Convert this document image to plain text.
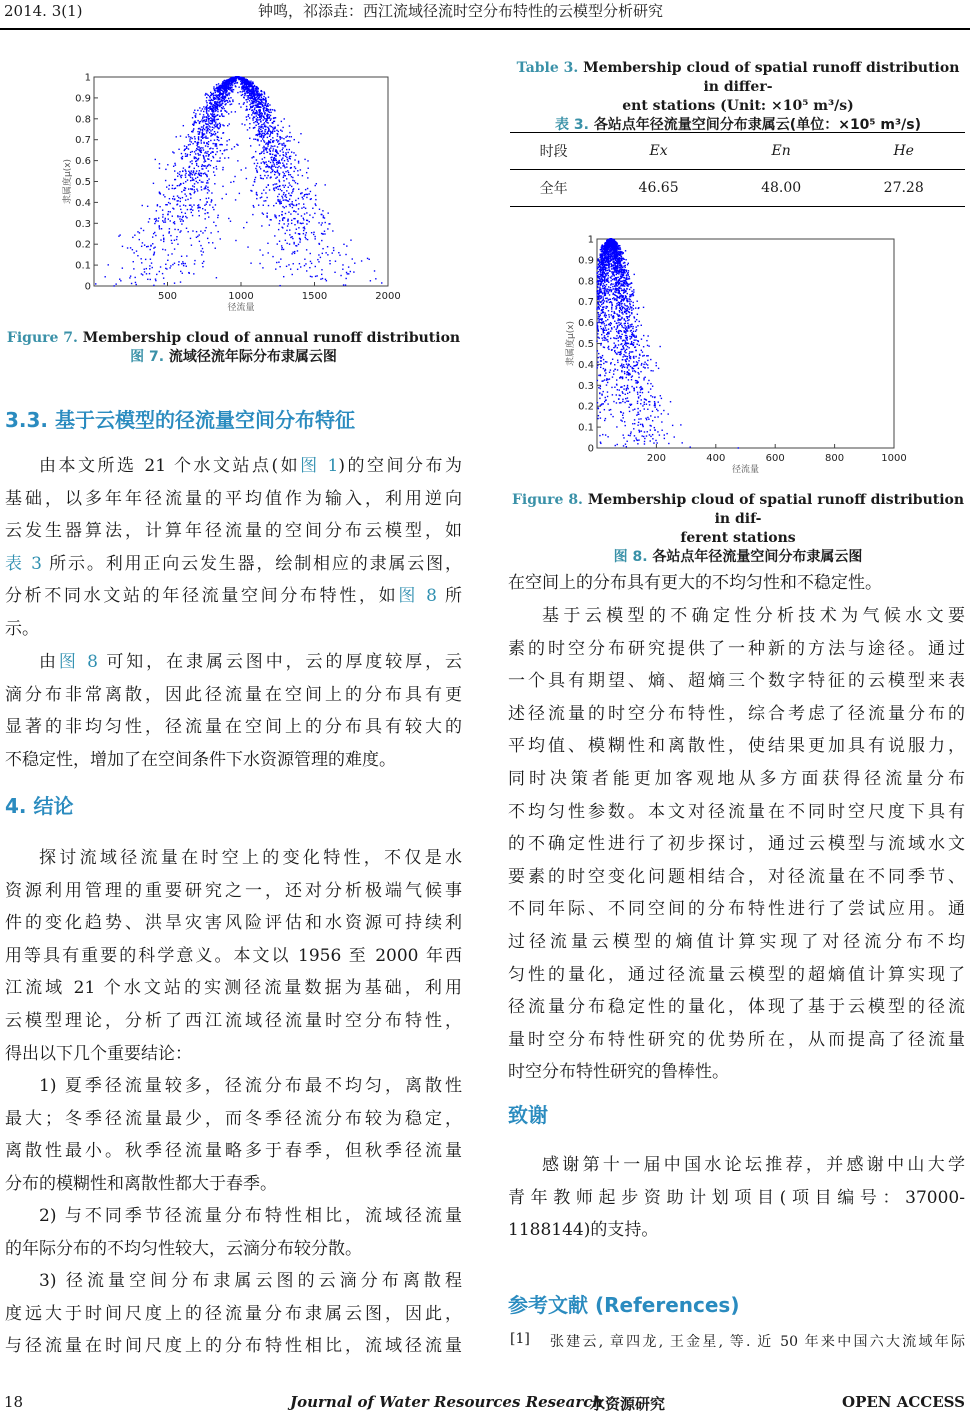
2014. 3(1)	钟鸣，祁添垚：西江流域径流时空分布特性的云模型分析研究
500	1000	1500	2000
0
0.1
0.2
0.3
0.4
0.5
0.6
0.7
0.8
0.9
1
径流量
隶属度μ(x)
Figure 7. Membership cloud of annual runoff distribution
图 7. 流域径流年际分布隶属云图
3.3. 基于云模型的径流量空间分布特征
由本文所选 21 个水文站点(如图 1)的空间分布为
基础，以多年年径流量的平均值作为输入，利用逆向
云发生器算法，计算年径流量的空间分布云模型，如
表 3 所示。利用正向云发生器，绘制相应的隶属云图，
分析不同水文站的年径流量空间分布特性，如图 8 所
示。
由图 8 可知，在隶属云图中，云的厚度较厚，云
滴分布非常离散，因此径流量在空间上的分布具有更
显著的非均匀性，径流量在空间上的分布具有较大的
不稳定性，增加了在空间条件下水资源管理的难度。
4. 结论
探讨流域径流量在时空上的变化特性，不仅是水
资源利用管理的重要研究之一，还对分析极端气候事
件的变化趋势、洪旱灾害风险评估和水资源可持续利
用等具有重要的科学意义。本文以 1956 至 2000 年西
江流域 21 个水文站的实测径流量数据为基础，利用
云模型理论，分析了西江流域径流量时空分布特性，
得出以下几个重要结论：
1) 夏季径流量较多，径流分布最不均匀，离散性
最大；冬季径流量最少，而冬季径流分布较为稳定，
离散性最小。秋季径流量略多于春季，但秋季径流量
分布的模糊性和离散性都大于春季。
2) 与不同季节径流量分布特性相比，流域径流量
的年际分布的不均匀性较大，云滴分布较分散。
3) 径流量空间分布隶属云图的云滴分布离散程
度远大于时间尺度上的径流量分布隶属云图，因此，
与径流量在时间尺度上的分布特性相比，流域径流量
Table 3. Membership cloud of spatial runoff distribution in differ-
ent stations (Unit: ×10⁵ m³/s)
表 3. 各站点年径流量空间分布隶属云(单位：×10⁵ m³/s)
时段	Ex	En	He
全年	46.65	48.00	27.28
200	400	600	800	1000
0
0.1
0.2
0.3
0.4
0.5
0.6
0.7
0.8
0.9
1
径流量
隶属度μ(x)
Figure 8. Membership cloud of spatial runoff distribution in dif-
ferent stations
图 8. 各站点年径流量空间分布隶属云图
在空间上的分布具有更大的不均匀性和不稳定性。
基于云模型的不确定性分析技术为气候水文要
素的时空分布研究提供了一种新的方法与途径。通过
一个具有期望、熵、超熵三个数字特征的云模型来表
述径流量的时空分布特性，综合考虑了径流量分布的
平均值、模糊性和离散性，使结果更加具有说服力，
同时决策者能更加客观地从多方面获得径流量分布
不均匀性参数。本文对径流量在不同时空尺度下具有
的不确定性进行了初步探讨，通过云模型与流域水文
要素的时空变化问题相结合，对径流量在不同季节、
不同年际、不同空间的分布特性进行了尝试应用。通
过径流量云模型的熵值计算实现了对径流分布不均
匀性的量化，通过径流量云模型的超熵值计算实现了
径流量分布稳定性的量化，体现了基于云模型的径流
量时空分布特性研究的优势所在，从而提高了径流量
时空分布特性研究的鲁棒性。
致谢
感谢第十一届中国水论坛推荐，并感谢中山大学
青年教师起步资助计划项目(项目编号：37000-
1188144)的支持。
参考文献 (References)
[1] 张建云, 章四龙, 王金星, 等. 近 50 年来中国六大流域年际
18	Journal of Water Resources Research
水资源研究	OPEN ACCESS
